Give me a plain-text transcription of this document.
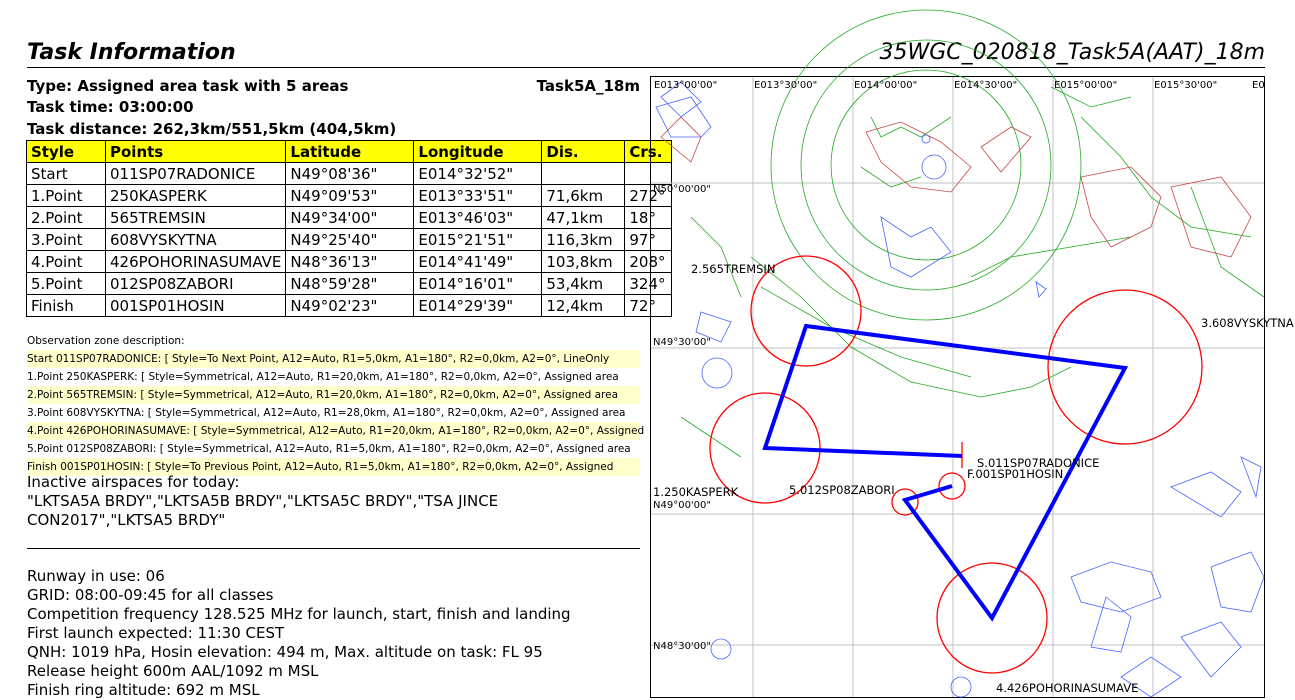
Task Information	35WGC_020818_Task5A(AAT)_18m
Type: Assigned area task with 5 areas	Task5A_18m
Task time: 03:00:00
Task distance: 262,3km/551,5km (404,5km)
Style	Points	Latitude	Longitude	Dis.	Crs.
Start	011SP07RADONICE	N49°08'36"	E014°32'52"		
1.Point	250KASPERK	N49°09'53"	E013°33'51"	71,6km	272°
2.Point	565TREMSIN	N49°34'00"	E013°46'03"	47,1km	18°
3.Point	608VYSKYTNA	N49°25'40"	E015°21'51"	116,3km	97°
4.Point	426POHORINASUMAVE	N48°36'13"	E014°41'49"	103,8km	208°
5.Point	012SP08ZABORI	N48°59'28"	E014°16'01"	53,4km	324°
Finish	001SP01HOSIN	N49°02'23"	E014°29'39"	12,4km	72°
Observation zone description:
Start 011SP07RADONICE: [ Style=To Next Point, A12=Auto, R1=5,0km, A1=180°, R2=0,0km, A2=0°, LineOnly
1.Point 250KASPERK: [ Style=Symmetrical, A12=Auto, R1=20,0km, A1=180°, R2=0,0km, A2=0°, Assigned area
2.Point 565TREMSIN: [ Style=Symmetrical, A12=Auto, R1=20,0km, A1=180°, R2=0,0km, A2=0°, Assigned area
3.Point 608VYSKYTNA: [ Style=Symmetrical, A12=Auto, R1=28,0km, A1=180°, R2=0,0km, A2=0°, Assigned area
4.Point 426POHORINASUMAVE: [ Style=Symmetrical, A12=Auto, R1=20,0km, A1=180°, R2=0,0km, A2=0°, Assigned
5.Point 012SP08ZABORI: [ Style=Symmetrical, A12=Auto, R1=5,0km, A1=180°, R2=0,0km, A2=0°, Assigned area
Finish 001SP01HOSIN: [ Style=To Previous Point, A12=Auto, R1=5,0km, A1=180°, R2=0,0km, A2=0°, Assigned
Inactive airspaces for today:
"LKTSA5A BRDY","LKTSA5B BRDY","LKTSA5C BRDY","TSA JINCE CON2017","LKTSA5 BRDY"
Runway in use: 06
GRID: 08:00-09:45 for all classes
Competition frequency 128.525 MHz for launch, start, finish and landing
First launch expected: 11:30 CEST
QNH: 1019 hPa, Hosin elevation: 494 m, Max. altitude on task: FL 95
Release height 600m AAL/1092 m MSL
Finish ring altitude: 692 m MSL
E013°00'00"	E013°30'00"	E014°00'00"	E014°30'00"	E015°00'00"	E015°30'00"	E0
N50°00'00"
N49°30'00"
N49°00'00"
N48°30'00"
2.565TREMSIN
3.608VYSKYTNA
1.250KASPERK	5.012SP08ZABORI
S.011SP07RADONICE
F.001SP01HOSIN
4.426POHORINASUMAVE
